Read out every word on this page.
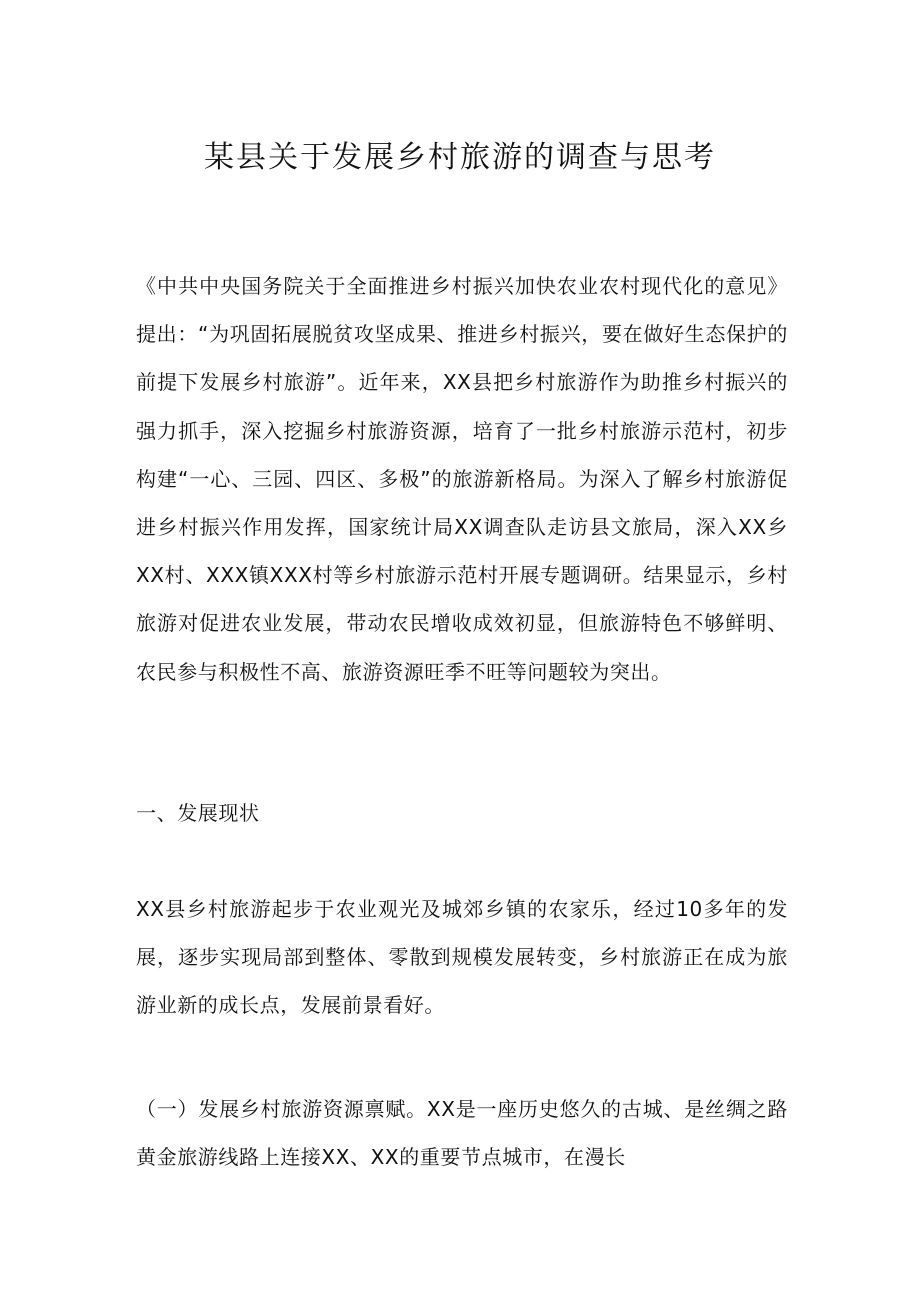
某县关于发展乡村旅游的调查与思考
《中共中央国务院关于全面推进乡村振兴加快农业农村现代化的意见》提出：“为巩固拓展脱贫攻坚成果、推进乡村振兴，要在做好生态保护的前提下发展乡村旅游”。近年来，XX县把乡村旅游作为助推乡村振兴的强力抓手，深入挖掘乡村旅游资源，培育了一批乡村旅游示范村，初步构建“一心、三园、四区、多极”的旅游新格局。为深入了解乡村旅游促进乡村振兴作用发挥，国家统计局XX调查队走访县文旅局，深入XX乡XX村、XXX镇XXX村等乡村旅游示范村开展专题调研。结果显示，乡村旅游对促进农业发展，带动农民增收成效初显，但旅游特色不够鲜明、农民参与积极性不高、旅游资源旺季不旺等问题较为突出。
一、发展现状
XX县乡村旅游起步于农业观光及城郊乡镇的农家乐，经过10多年的发展，逐步实现局部到整体、零散到规模发展转变，乡村旅游正在成为旅游业新的成长点，发展前景看好。
（一）发展乡村旅游资源禀赋。XX是一座历史悠久的古城、是丝绸之路黄金旅游线路上连接XX、XX的重要节点城市，在漫长
